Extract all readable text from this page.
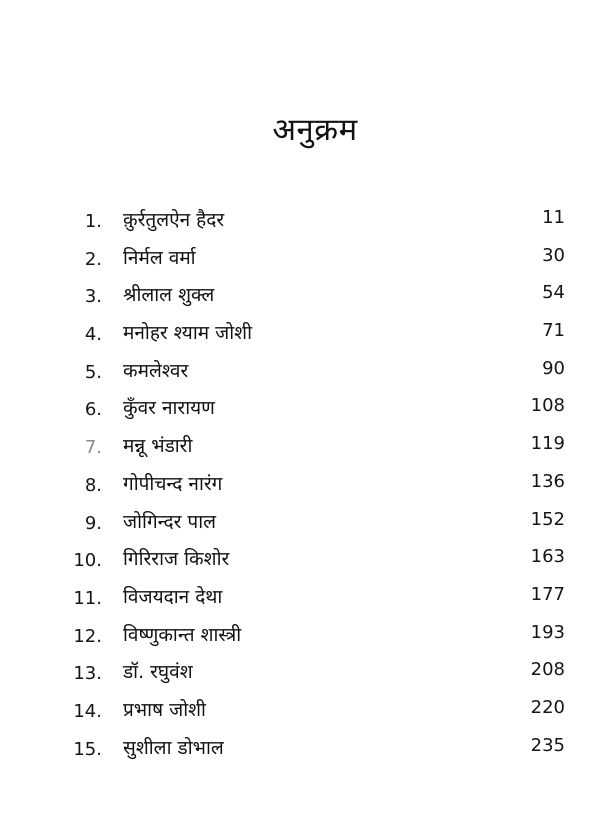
अनुक्रम
1. क़ुर्रतुलऐन हैदर	11
2. निर्मल वर्मा	30
3. श्रीलाल शुक्ल	54
4. मनोहर श्याम जोशी	71
5. कमलेश्वर	90
6. कुँवर नारायण	108
7. मन्नू भंडारी	119
8. गोपीचन्द नारंग	136
9. जोगिन्दर पाल	152
10. गिरिराज किशोर	163
11. विजयदान देथा	177
12. विष्णुकान्त शास्त्री	193
13. डॉ. रघुवंश	208
14. प्रभाष जोशी	220
15. सुशीला डोभाल	235
